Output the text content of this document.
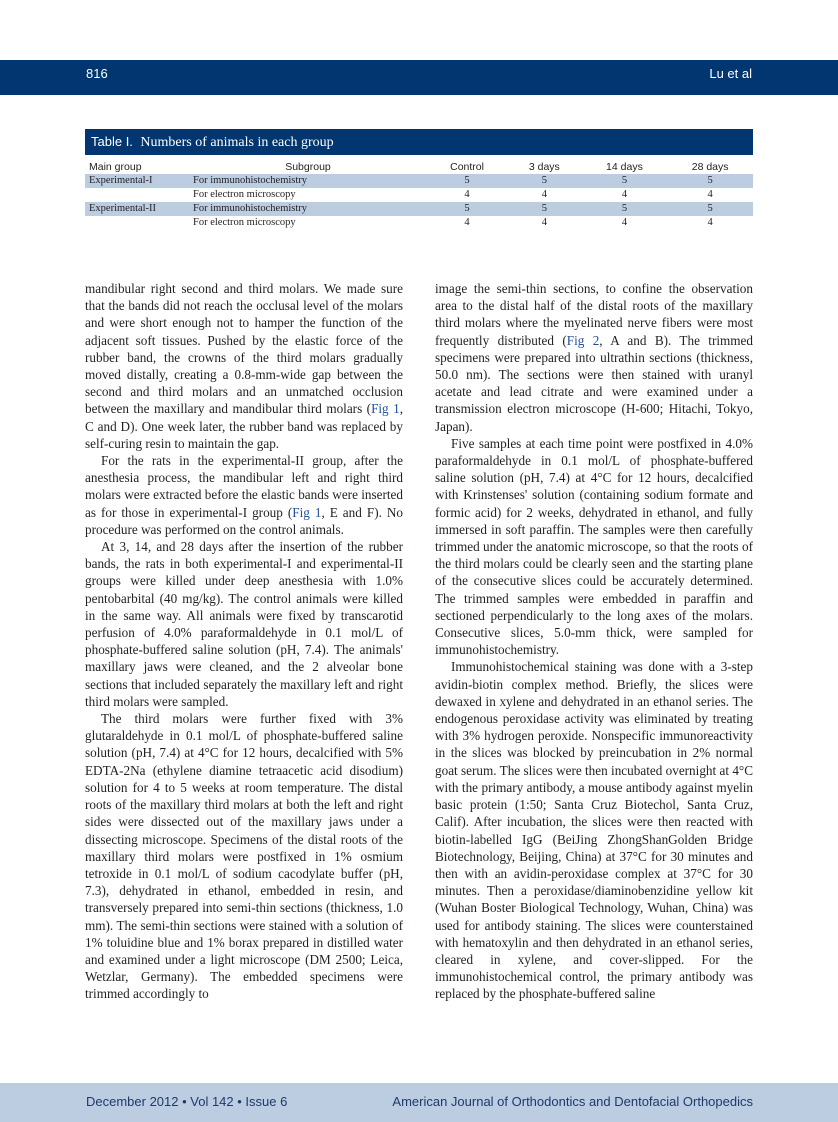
816	Lu et al
Table I. Numbers of animals in each group
Main group	Subgroup	Control	3 days	14 days	28 days
Experimental-I	For immunohistochemistry	5	5	5	5
	For electron microscopy	4	4	4	4
Experimental-II	For immunohistochemistry	5	5	5	5
	For electron microscopy	4	4	4	4

mandibular right second and third molars. We made sure that the bands did not reach the occlusal level of the molars and were short enough not to hamper the function of the adjacent soft tissues. Pushed by the elastic force of the rubber band, the crowns of the third molars gradually moved distally, creating a 0.8-mm-wide gap between the second and third molars and an unmatched occlusion between the maxillary and mandibular third molars (Fig 1, C and D). One week later, the rubber band was replaced by self-curing resin to maintain the gap.

For the rats in the experimental-II group, after the anesthesia process, the mandibular left and right third molars were extracted before the elastic bands were inserted as for those in experimental-I group (Fig 1, E and F). No procedure was performed on the control animals.

At 3, 14, and 28 days after the insertion of the rubber bands, the rats in both experimental-I and experimental-II groups were killed under deep anesthesia with 1.0% pentobarbital (40 mg/kg). The control animals were killed in the same way. All animals were fixed by transcarotid perfusion of 4.0% paraformaldehyde in 0.1 mol/L of phosphate-buffered saline solution (pH, 7.4). The animals' maxillary jaws were cleaned, and the 2 alveolar bone sections that included separately the maxillary left and right third molars were sampled.

The third molars were further fixed with 3% glutaraldehyde in 0.1 mol/L of phosphate-buffered saline solution (pH, 7.4) at 4°C for 12 hours, decalcified with 5% EDTA-2Na (ethylene diamine tetraacetic acid disodium) solution for 4 to 5 weeks at room temperature. The distal roots of the maxillary third molars at both the left and right sides were dissected out of the maxillary jaws under a dissecting microscope. Specimens of the distal roots of the maxillary third molars were postfixed in 1% osmium tetroxide in 0.1 mol/L of sodium cacodylate buffer (pH, 7.3), dehydrated in ethanol, embedded in resin, and transversely prepared into semi-thin sections (thickness, 1.0 mm). The semi-thin sections were stained with a solution of 1% toluidine blue and 1% borax prepared in distilled water and examined under a light microscope (DM 2500; Leica, Wetzlar, Germany). The embedded specimens were trimmed accordingly to

image the semi-thin sections, to confine the observation area to the distal half of the distal roots of the maxillary third molars where the myelinated nerve fibers were most frequently distributed (Fig 2, A and B). The trimmed specimens were prepared into ultrathin sections (thickness, 50.0 nm). The sections were then stained with uranyl acetate and lead citrate and were examined under a transmission electron microscope (H-600; Hitachi, Tokyo, Japan).

Five samples at each time point were postfixed in 4.0% paraformaldehyde in 0.1 mol/L of phosphate-buffered saline solution (pH, 7.4) at 4°C for 12 hours, decalcified with Krinstenses' solution (containing sodium formate and formic acid) for 2 weeks, dehydrated in ethanol, and fully immersed in soft paraffin. The samples were then carefully trimmed under the anatomic microscope, so that the roots of the third molars could be clearly seen and the starting plane of the consecutive slices could be accurately determined. The trimmed samples were embedded in paraffin and sectioned perpendicularly to the long axes of the molars. Consecutive slices, 5.0-mm thick, were sampled for immunohistochemistry.

Immunohistochemical staining was done with a 3-step avidin-biotin complex method. Briefly, the slices were dewaxed in xylene and dehydrated in an ethanol series. The endogenous peroxidase activity was eliminated by treating with 3% hydrogen peroxide. Nonspecific immunoreactivity in the slices was blocked by preincubation in 2% normal goat serum. The slices were then incubated overnight at 4°C with the primary antibody, a mouse antibody against myelin basic protein (1:50; Santa Cruz Biotechol, Santa Cruz, Calif). After incubation, the slices were then reacted with biotin-labelled IgG (BeiJing ZhongShanGolden Bridge Biotechnology, Beijing, China) at 37°C for 30 minutes and then with an avidin-peroxidase complex at 37°C for 30 minutes. Then a peroxidase/diaminobenzidine yellow kit (Wuhan Boster Biological Technology, Wuhan, China) was used for antibody staining. The slices were counterstained with hematoxylin and then dehydrated in an ethanol series, cleared in xylene, and cover-slipped. For the immunohistochemical control, the primary antibody was replaced by the phosphate-buffered saline

December 2012 • Vol 142 • Issue 6	American Journal of Orthodontics and Dentofacial Orthopedics
